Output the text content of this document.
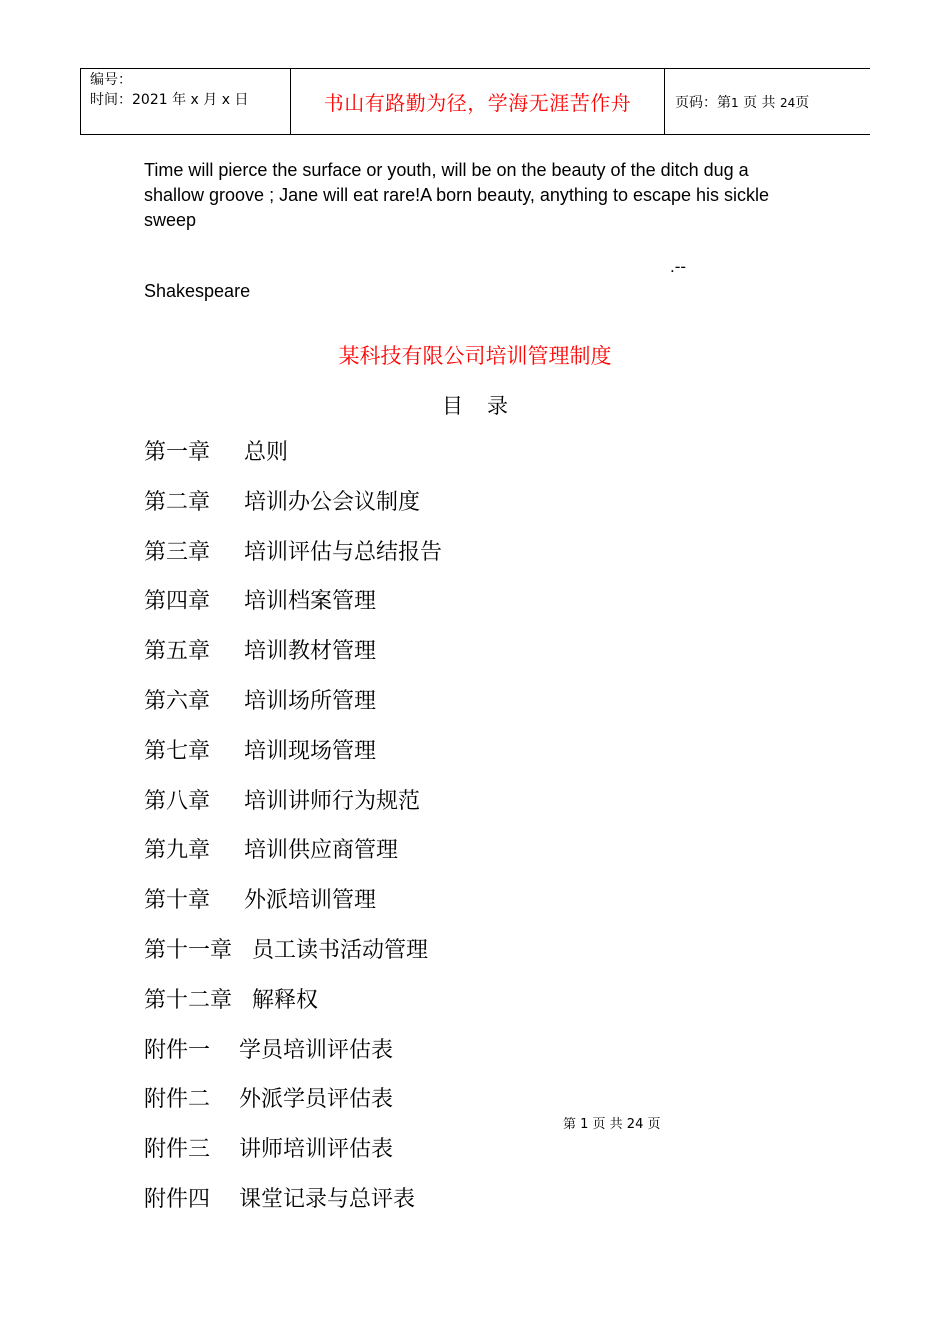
编号：
时间：2021 年 x 月 x 日	书山有路勤为径，学海无涯苦作舟	页码：第1 页 共 24页
Time will pierce the surface or youth, will be on the beauty of the ditch dug a shallow groove ; Jane will eat rare!A born beauty, anything to escape his sickle sweep
.--
Shakespeare
某科技有限公司培训管理制度
目录
第一章 总则
第二章 培训办公会议制度
第三章 培训评估与总结报告
第四章 培训档案管理
第五章 培训教材管理
第六章 培训场所管理
第七章 培训现场管理
第八章 培训讲师行为规范
第九章 培训供应商管理
第十章 外派培训管理
第十一章 员工读书活动管理
第十二章 解释权
附件一 学员培训评估表
附件二 外派学员评估表
附件三 讲师培训评估表
附件四 课堂记录与总评表
第 1 页 共 24 页
